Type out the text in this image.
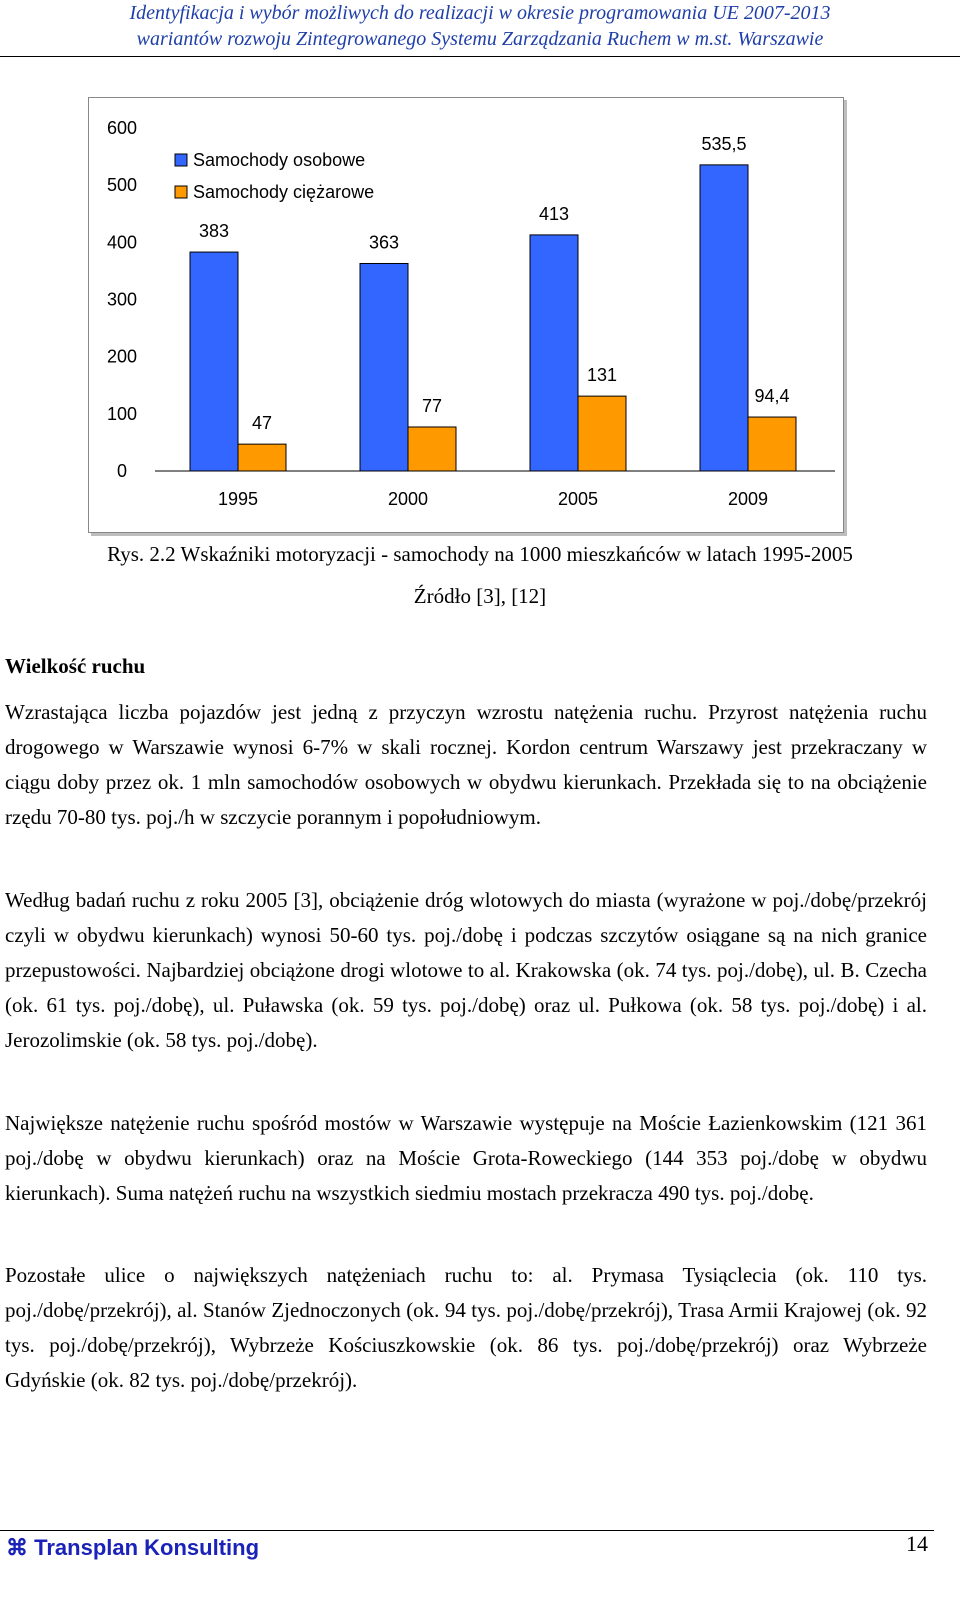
Identyfikacja i wybór możliwych do realizacji w okresie programowania UE 2007-2013
wariantów rozwoju Zintegrowanego Systemu Zarządzania Ruchem w m.st. Warszawie
0
100
200
300
400
500
600
383
47
1995
363
77
2000
413
131
2005
535,5
94,4
2009
Samochody osobowe
Samochody ciężarowe
Rys. 2.2 Wskaźniki motoryzacji - samochody na 1000 mieszkańców w latach 1995-2005
Źródło [3], [12]
Wielkość ruchu
Wzrastająca liczba pojazdów jest jedną z przyczyn wzrostu natężenia ruchu. Przyrost natężenia ruchu drogowego w Warszawie wynosi 6-7% w skali rocznej. Kordon centrum Warszawy jest przekraczany w ciągu doby przez ok. 1 mln samochodów osobowych w obydwu kierunkach. Przekłada się to na obciążenie rzędu 70-80 tys. poj./h w szczycie porannym i popołudniowym.
Według badań ruchu z roku 2005 [3], obciążenie dróg wlotowych do miasta (wyrażone w poj./dobę/przekrój czyli w obydwu kierunkach) wynosi 50-60 tys. poj./dobę i podczas szczytów osiągane są na nich granice przepustowości. Najbardziej obciążone drogi wlotowe to al. Krakowska (ok. 74 tys. poj./dobę), ul. B. Czecha (ok. 61 tys. poj./dobę), ul. Puławska (ok. 59 tys. poj./dobę) oraz ul. Pułkowa (ok. 58 tys. poj./dobę) i al. Jerozolimskie (ok. 58 tys. poj./dobę).
Największe natężenie ruchu spośród mostów w Warszawie występuje na Moście Łazienkowskim (121 361 poj./dobę w obydwu kierunkach) oraz na Moście Grota-Roweckiego (144 353 poj./dobę w obydwu kierunkach). Suma natężeń ruchu na wszystkich siedmiu mostach przekracza 490 tys. poj./dobę.
Pozostałe ulice o największych natężeniach ruchu to: al. Prymasa Tysiąclecia (ok. 110 tys. poj./dobę/przekrój), al. Stanów Zjednoczonych (ok. 94 tys. poj./dobę/przekrój), Trasa Armii Krajowej (ok. 92 tys. poj./dobę/przekrój), Wybrzeże Kościuszkowskie (ok. 86 tys. poj./dobę/przekrój) oraz Wybrzeże Gdyńskie (ok. 82 tys. poj./dobę/przekrój).
⌘ Transplan Konsulting	14
